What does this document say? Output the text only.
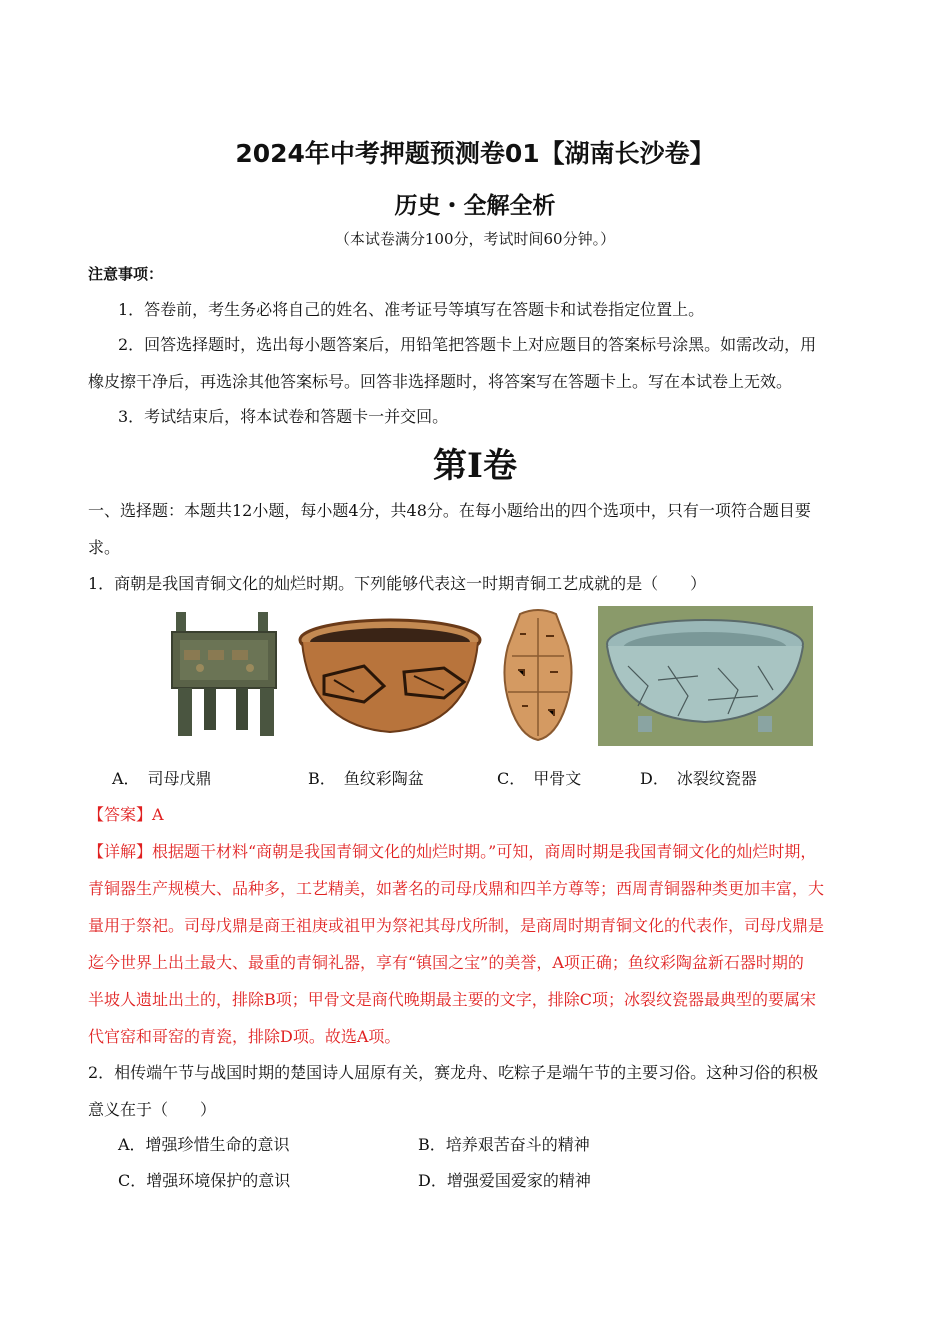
2024年中考押题预测卷01【湖南长沙卷】
历史・全解全析
（本试卷满分100分，考试时间60分钟。）
注意事项：
1．答卷前，考生务必将自己的姓名、准考证号等填写在答题卡和试卷指定位置上。
2．回答选择题时，选出每小题答案后，用铅笔把答题卡上对应题目的答案标号涂黑。如需改动，用
橡皮擦干净后，再选涂其他答案标号。回答非选择题时，将答案写在答题卡上。写在本试卷上无效。
3．考试结束后，将本试卷和答题卡一并交回。
第Ⅰ卷
一、选择题：本题共12小题，每小题4分，共48分。在每小题给出的四个选项中，只有一项符合题目要
求。
1．商朝是我国青铜文化的灿烂时期。下列能够代表这一时期青铜工艺成就的是（　　）
A．　司母戊鼎	B．　鱼纹彩陶盆	C．　甲骨文	D．　冰裂纹瓷器
【答案】A
【详解】根据题干材料“商朝是我国青铜文化的灿烂时期。”可知，商周时期是我国青铜文化的灿烂时期，
青铜器生产规模大、品种多，工艺精美，如著名的司母戊鼎和四羊方尊等；西周青铜器种类更加丰富，大
量用于祭祀。司母戊鼎是商王祖庚或祖甲为祭祀其母戊所制，是商周时期青铜文化的代表作，司母戊鼎是
迄今世界上出土最大、最重的青铜礼器，享有“镇国之宝”的美誉，A项正确；鱼纹彩陶盆新石器时期的
半坡人遗址出土的，排除B项；甲骨文是商代晚期最主要的文字，排除C项；冰裂纹瓷器最典型的要属宋
代官窑和哥窑的青瓷，排除D项。故选A项。
2．相传端午节与战国时期的楚国诗人屈原有关，赛龙舟、吃粽子是端午节的主要习俗。这种习俗的积极
意义在于（　　）
A．增强珍惜生命的意识	B．培养艰苦奋斗的精神
C．增强环境保护的意识	D．增强爱国爱家的精神
